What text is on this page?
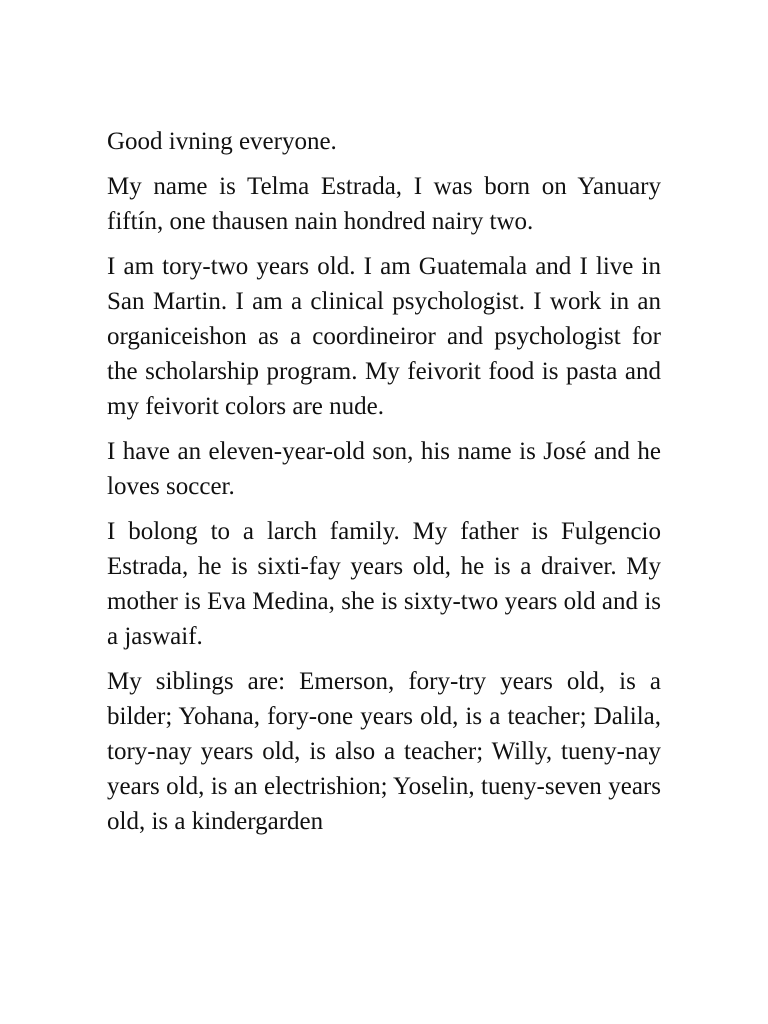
Good ivning everyone.

My name is Telma Estrada, I was born on Yanuary fiftín, one thausen nain hondred nairy two.

I am tory-two years old. I am Guatemala and I live in San Martin. I am a clinical psychologist. I work in an organiceishon as a coordineiror and psychologist for the scholarship program. My feivorit food is pasta and my feivorit colors are nude.

I have an eleven-year-old son, his name is José and he loves soccer.

I bolong to a larch family. My father is Fulgencio Estrada, he is sixti-fay years old, he is a draiver. My mother is Eva Medina, she is sixty-two years old and is a jaswaif.

My siblings are: Emerson, fory-try years old, is a bilder; Yohana, fory-one years old, is a teacher; Dalila, tory-nay years old, is also a teacher; Willy, tueny-nay years old, is an electrishion; Yoselin, tueny-seven years old, is a kindergarden
